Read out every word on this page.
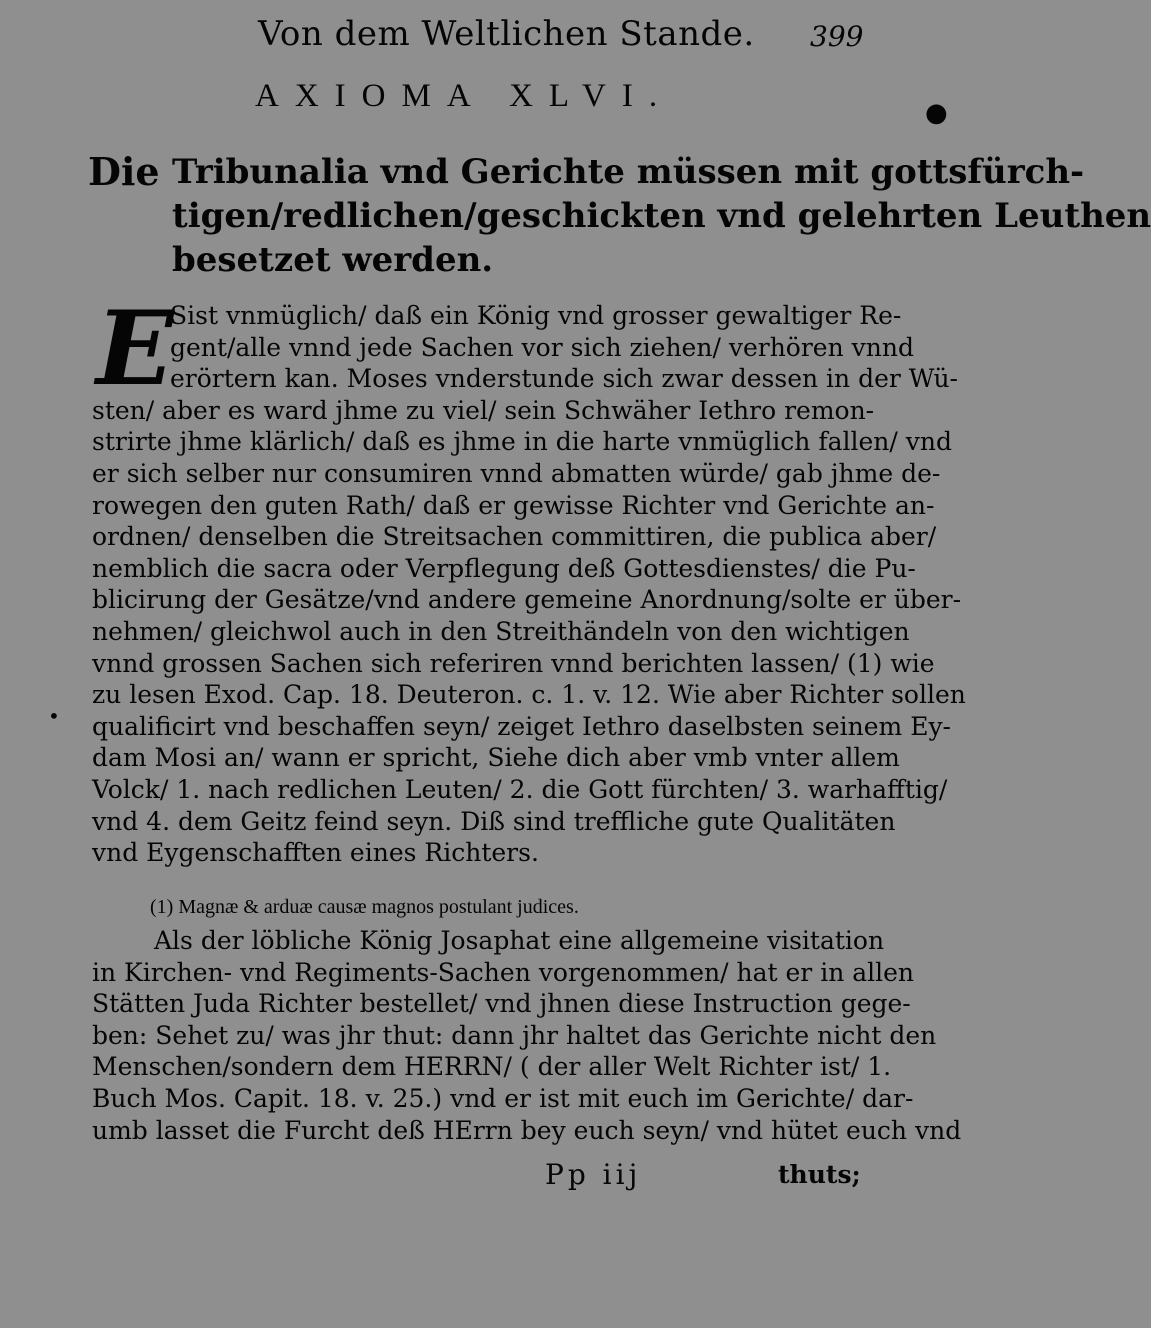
Von dem Weltlichen Stande. 399
AXIOMA XLVI.	●
Die Tribunalia vnd Gerichte müssen mit gottsfürch-
tigen/redlichen/geschickten vnd gelehrten Leuthen
besetzet werden.
E
Sist vnmüglich/ daß ein König vnd grosser gewaltiger Re-
gent/alle vnnd jede Sachen vor sich ziehen/ verhören vnnd
erörtern kan. Moses vnderstunde sich zwar dessen in der Wü-
sten/ aber es ward jhme zu viel/ sein Schwäher Iethro remon-
strirte jhme klärlich/ daß es jhme in die harte vnmüglich fallen/ vnd
er sich selber nur consumiren vnnd abmatten würde/ gab jhme de-
rowegen den guten Rath/ daß er gewisse Richter vnd Gerichte an-
ordnen/ denselben die Streitsachen committiren, die publica aber/
nemblich die sacra oder Verpflegung deß Gottesdienstes/ die Pu-
blicirung der Gesätze/vnd andere gemeine Anordnung/solte er über-
nehmen/ gleichwol auch in den Streithändeln von den wichtigen
vnnd grossen Sachen sich referiren vnnd berichten lassen/ (1) wie
zu lesen Exod. Cap. 18. Deuteron. c. 1. v. 12. Wie aber Richter sollen
qualificirt vnd beschaffen seyn/ zeiget Iethro daselbsten seinem Ey-
dam Mosi an/ wann er spricht, Siehe dich aber vmb vnter allem
Volck/ 1. nach redlichen Leuten/ 2. die Gott fürchten/ 3. warhafftig/
vnd 4. dem Geitz feind seyn. Diß sind treffliche gute Qualitäten
vnd Eygenschafften eines Richters.
•
(1) Magnæ & arduæ causæ magnos postulant judices.
Als der löbliche König Josaphat eine allgemeine visitation
in Kirchen- vnd Regiments-Sachen vorgenommen/ hat er in allen
Stätten Juda Richter bestellet/ vnd jhnen diese Instruction gege-
ben: Sehet zu/ was jhr thut: dann jhr haltet das Gerichte nicht den
Menschen/sondern dem HERRN/ ( der aller Welt Richter ist/ 1.
Buch Mos. Capit. 18. v. 25.) vnd er ist mit euch im Gerichte/ dar-
umb lasset die Furcht deß HErrn bey euch seyn/ vnd hütet euch vnd
Pp iij	thuts;
